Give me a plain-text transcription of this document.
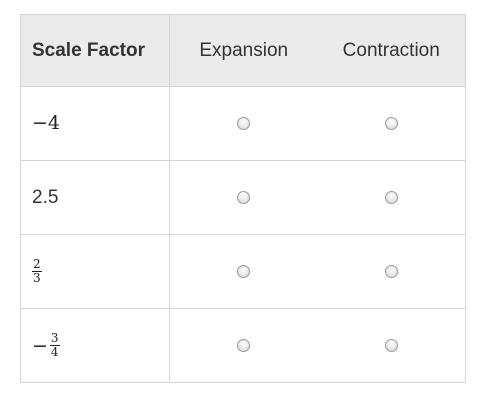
Scale Factor	Expansion	Contraction
−4		
2.5		

$\frac{2}{3}$

− $\frac{3}{4}$
